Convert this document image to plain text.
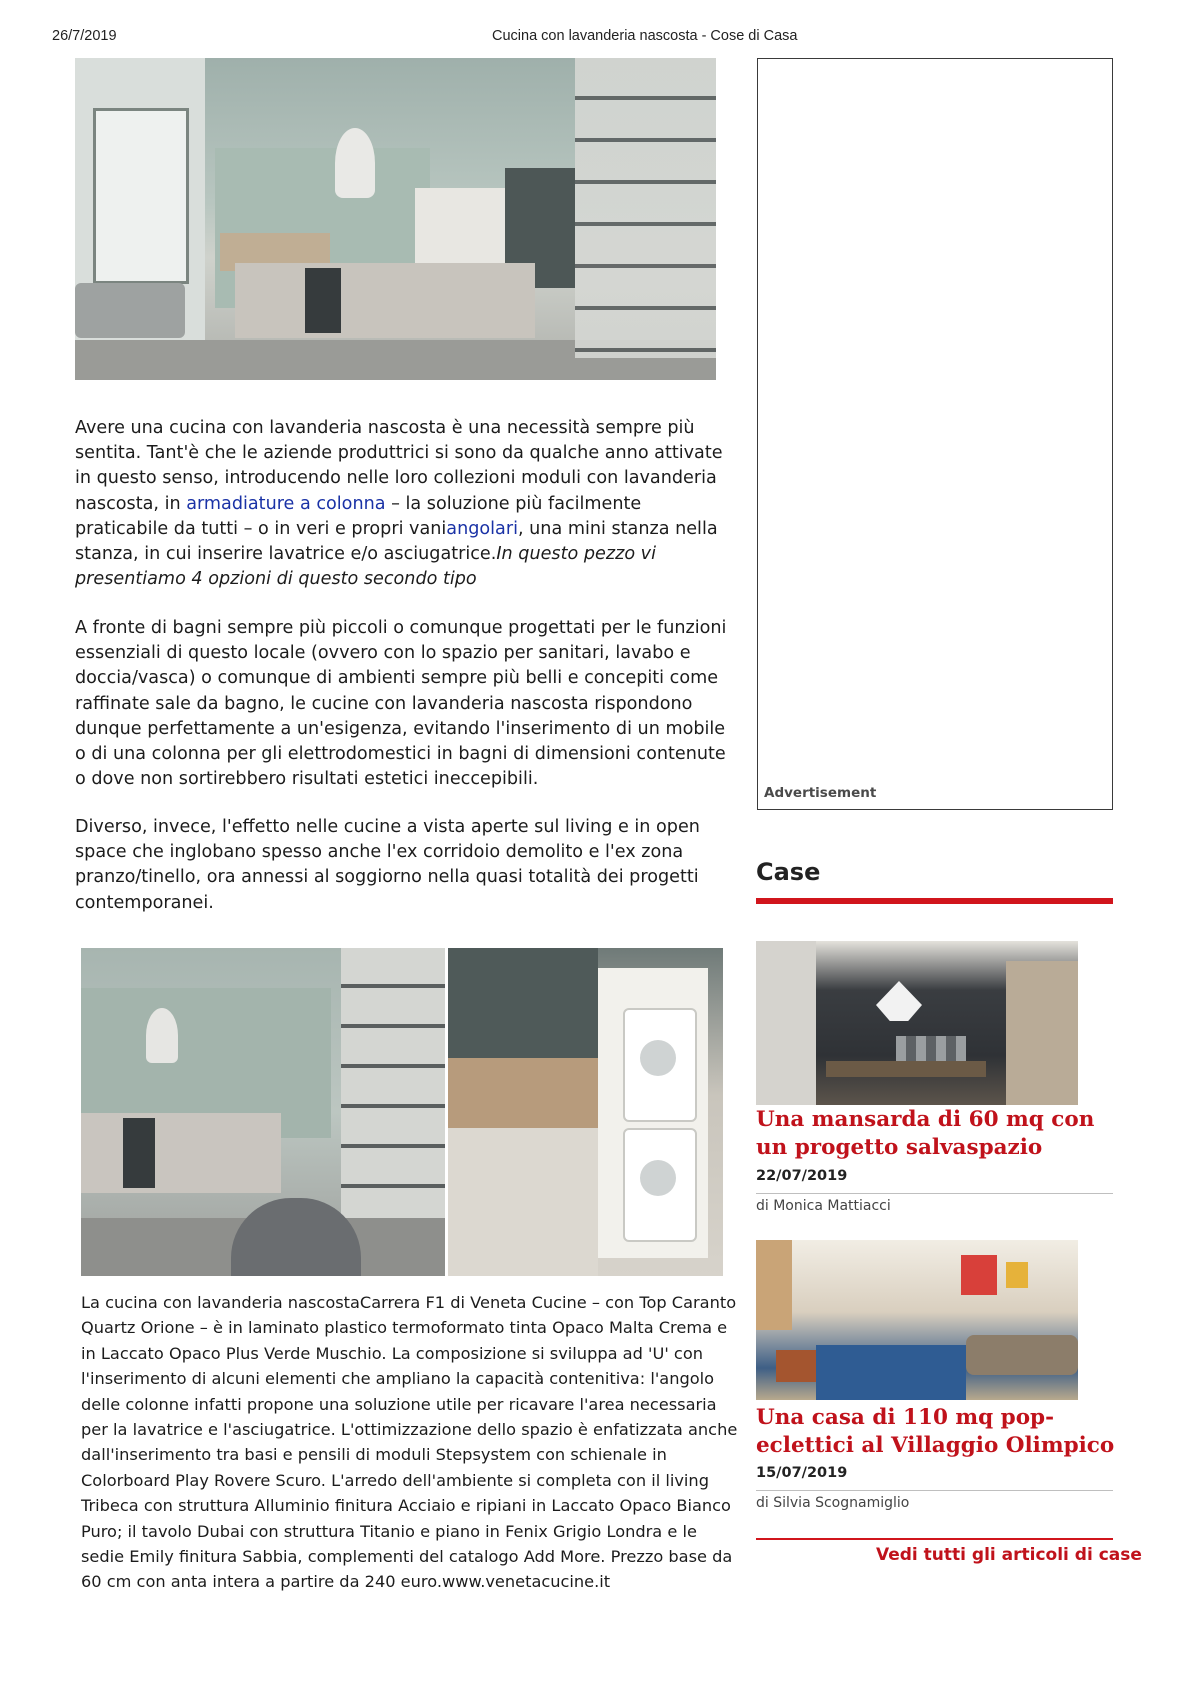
26/7/2019	Cucina con lavanderia nascosta - Cose di Casa

Avere una cucina con lavanderia nascosta è una necessità sempre più sentita. Tant'è che le aziende produttrici si sono da qualche anno attivate in questo senso, introducendo nelle loro collezioni moduli con lavanderia nascosta, in armadiature a colonna – la soluzione più facilmente praticabile da tutti – o in veri e propri vaniangolari, una mini stanza nella stanza, in cui inserire lavatrice e/o asciugatrice.In questo pezzo vi presentiamo 4 opzioni di questo secondo tipo

A fronte di bagni sempre più piccoli o comunque progettati per le funzioni essenziali di questo locale (ovvero con lo spazio per sanitari, lavabo e doccia/vasca) o comunque di ambienti sempre più belli e concepiti come raffinate sale da bagno, le cucine con lavanderia nascosta rispondono dunque perfettamente a un'esigenza, evitando l'inserimento di un mobile o di una colonna per gli elettrodomestici in bagni di dimensioni contenute o dove non sortirebbero risultati estetici ineccepibili.

Diverso, invece, l'effetto nelle cucine a vista aperte sul living e in open space che inglobano spesso anche l'ex corridoio demolito e l'ex zona pranzo/tinello, ora annessi al soggiorno nella quasi totalità dei progetti contemporanei.

La cucina con lavanderia nascostaCarrera F1 di Veneta Cucine – con Top Caranto Quartz Orione – è in laminato plastico termoformato tinta Opaco Malta Crema e in Laccato Opaco Plus Verde Muschio. La composizione si sviluppa ad 'U' con l'inserimento di alcuni elementi che ampliano la capacità contenitiva: l'angolo delle colonne infatti propone una soluzione utile per ricavare l'area necessaria per la lavatrice e l'asciugatrice. L'ottimizzazione dello spazio è enfatizzata anche dall'inserimento tra basi e pensili di moduli Stepsystem con schienale in Colorboard Play Rovere Scuro. L'arredo dell'ambiente si completa con il living Tribeca con struttura Alluminio finitura Acciaio e ripiani in Laccato Opaco Bianco Puro; il tavolo Dubai con struttura Titanio e piano in Fenix Grigio Londra e le sedie Emily finitura Sabbia, complementi del catalogo Add More. Prezzo base da 60 cm con anta intera a partire da 240 euro.www.venetacucine.it

Advertisement
Case
Una mansarda di 60 mq con un progetto salvaspazio
22/07/2019
di Monica Mattiacci
Una casa di 110 mq pop-eclettici al Villaggio Olimpico
15/07/2019
di Silvia Scognamiglio
Vedi tutti gli articoli di case
